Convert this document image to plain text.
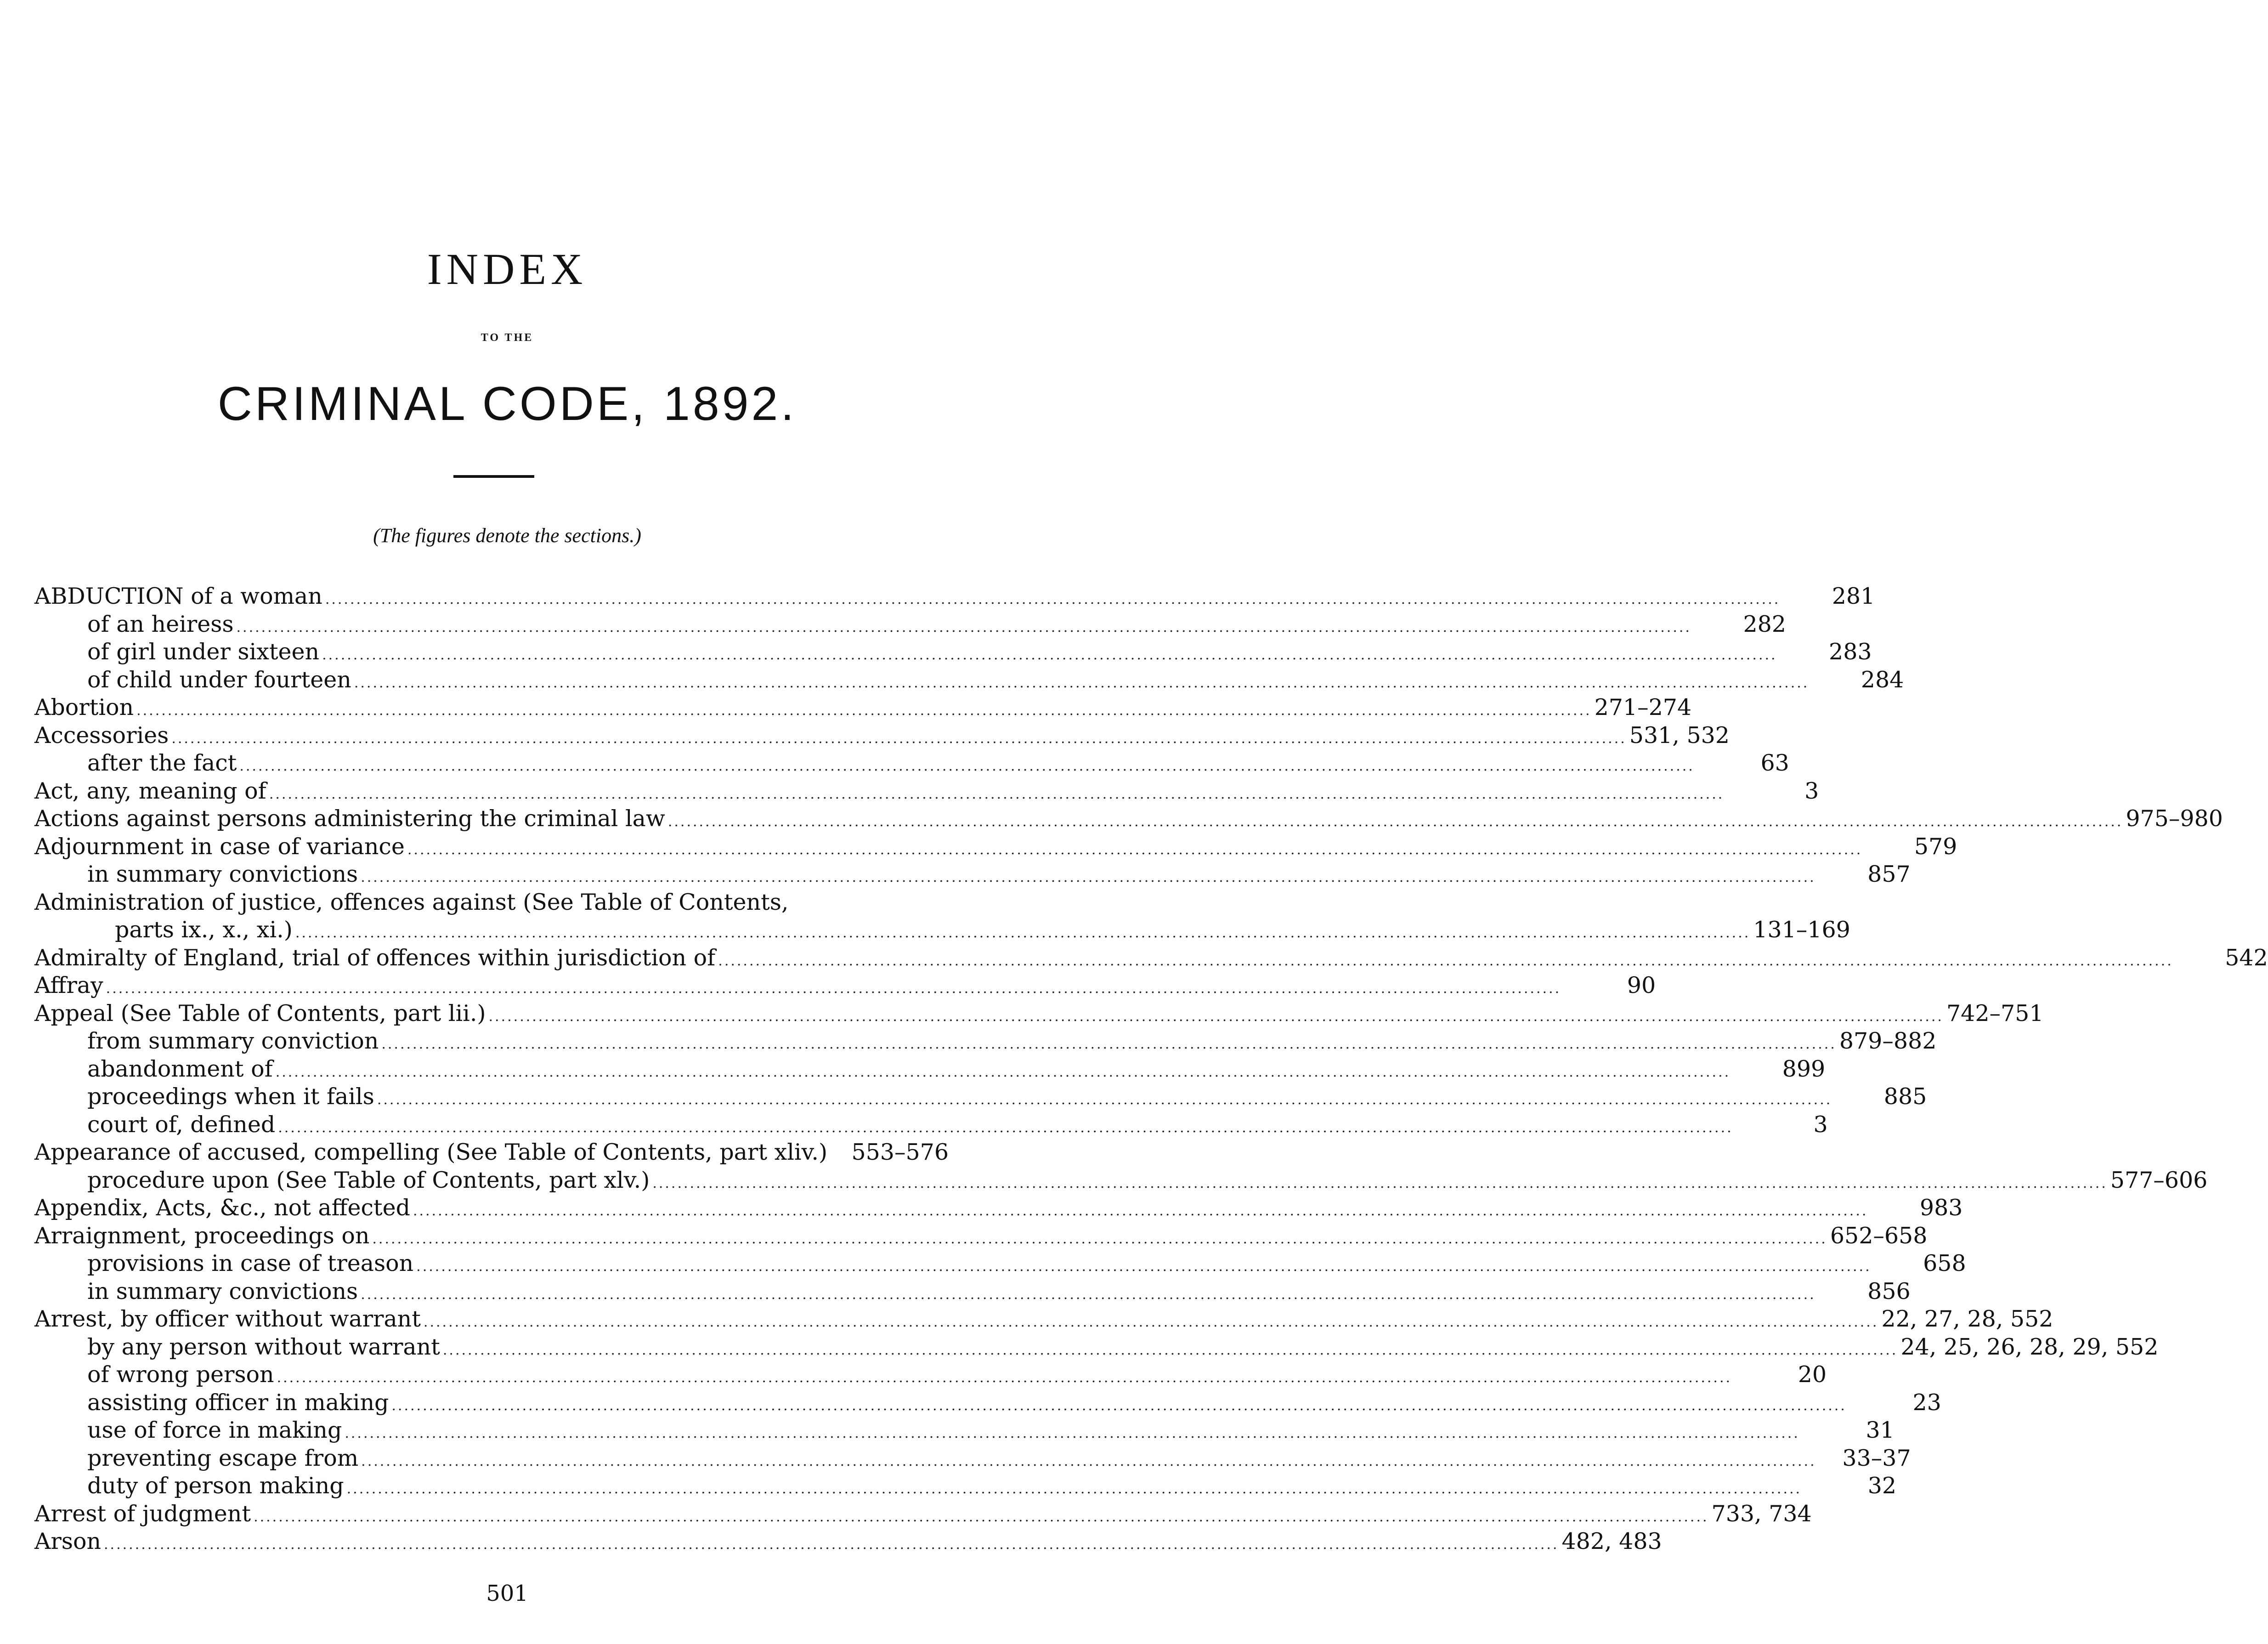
INDEX
TO THE
CRIMINAL CODE, 1892.
(The figures denote the sections.)
ABDUCTION of a woman .....	281
of an heiress .....	282
of girl under sixteen .....	283
of child under fourteen .....	284
Abortion .....	271–274
Accessories .....	531, 532
after the fact .....	63
Act, any, meaning of .....	3
Actions against persons administering the criminal law .....	975–980
Adjournment in case of variance .....	579
in summary convictions .....	857
Administration of justice, offences against (See Table of Contents,
parts ix., x., xi.) .....	131–169
Admiralty of England, trial of offences within jurisdiction of .....	542
Affray .....	90
Appeal (See Table of Contents, part lii.) .....	742–751
from summary conviction .....	879–882
abandonment of .....	899
proceedings when it fails .....	885
court of, defined .....	3
Appearance of accused, compelling (See Table of Contents, part xliv.) 553–576
procedure upon (See Table of Contents, part xlv.) .....	577–606
Appendix, Acts, &c., not affected .....	983
Arraignment, proceedings on .....	652–658
provisions in case of treason .....	658
in summary convictions .....	856
Arrest, by officer without warrant .....	22, 27, 28, 552
by any person without warrant .....	24, 25, 26, 28, 29, 552
of wrong person .....	20
assisting officer in making .....	23
use of force in making .....	31
preventing escape from .....	33–37
duty of person making .....	32
Arrest of judgment .....	733, 734
Arson .....	482, 483
501
